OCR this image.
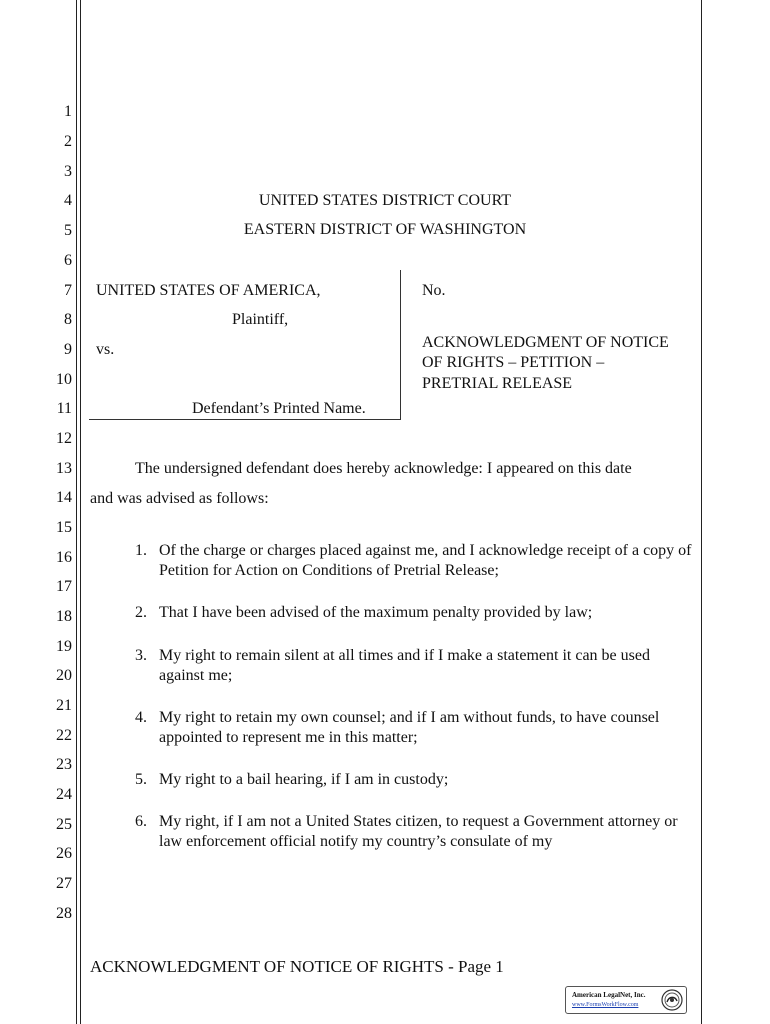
1
2
3
4
5
6
7
8
9
10
11
12
13
14
15
16
17
18
19
20
21
22
23
24
25
26
27
28
UNITED STATES DISTRICT COURT
EASTERN DISTRICT OF WASHINGTON
UNITED STATES OF AMERICA,
Plaintiff,
vs.
Defendant’s Printed Name.
No.
ACKNOWLEDGMENT OF NOTICE
OF RIGHTS – PETITION –
PRETRIAL RELEASE
The undersigned defendant does hereby acknowledge: I appeared on this date
and was advised as follows:
1. Of the charge or charges placed against me, and I acknowledge receipt of a copy of Petition for Action on Conditions of Pretrial Release;
2. That I have been advised of the maximum penalty provided by law;
3. My right to remain silent at all times and if I make a statement it can be used against me;
4. My right to retain my own counsel; and if I am without funds, to have counsel appointed to represent me in this matter;
5. My right to a bail hearing, if I am in custody;
6. My right, if I am not a United States citizen, to request a Government attorney or law enforcement official notify my country’s consulate of my
ACKNOWLEDGMENT OF NOTICE OF RIGHTS - Page 1
American LegalNet, Inc.
www.FormsWorkFlow.com
